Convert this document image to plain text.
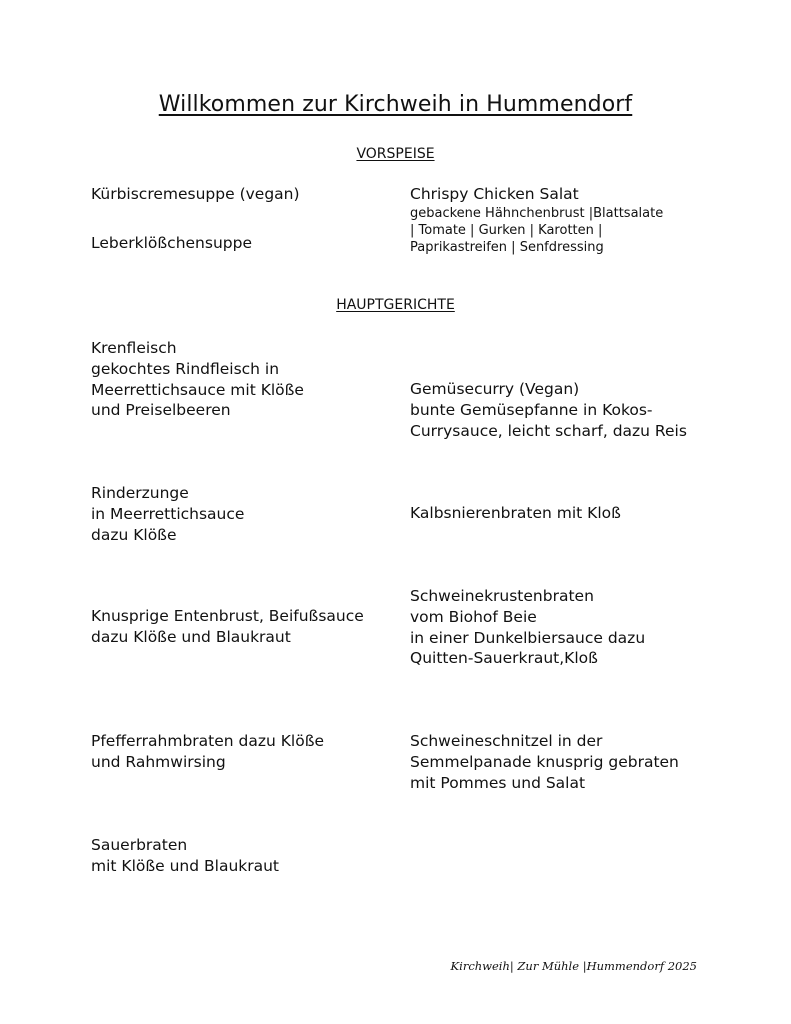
Willkommen zur Kirchweih in Hummendorf
VORSPEISE
Kürbiscremesuppe (vegan)
Leberklößchensuppe
Chrispy Chicken Salat
gebackene Hähnchenbrust |Blattsalate
| Tomate | Gurken | Karotten |
Paprikastreifen | Senfdressing
HAUPTGERICHTE
Krenfleisch
gekochtes Rindfleisch in
Meerrettichsauce mit Klöße
und Preiselbeeren
Gemüsecurry (Vegan)
bunte Gemüsepfanne in Kokos-
Currysauce, leicht scharf, dazu Reis
Rinderzunge
in Meerrettichsauce
dazu Klöße
Kalbsnierenbraten mit Kloß
Knusprige Entenbrust, Beifußsauce
dazu Klöße und Blaukraut
Schweinekrustenbraten
vom Biohof Beie
in einer Dunkelbiersauce dazu
Quitten-Sauerkraut,Kloß
Pfefferrahmbraten dazu Klöße
und Rahmwirsing
Schweineschnitzel in der
Semmelpanade knusprig gebraten
mit Pommes und Salat
Sauerbraten
mit Klöße und Blaukraut
Kirchweih| Zur Mühle |Hummendorf 2025
